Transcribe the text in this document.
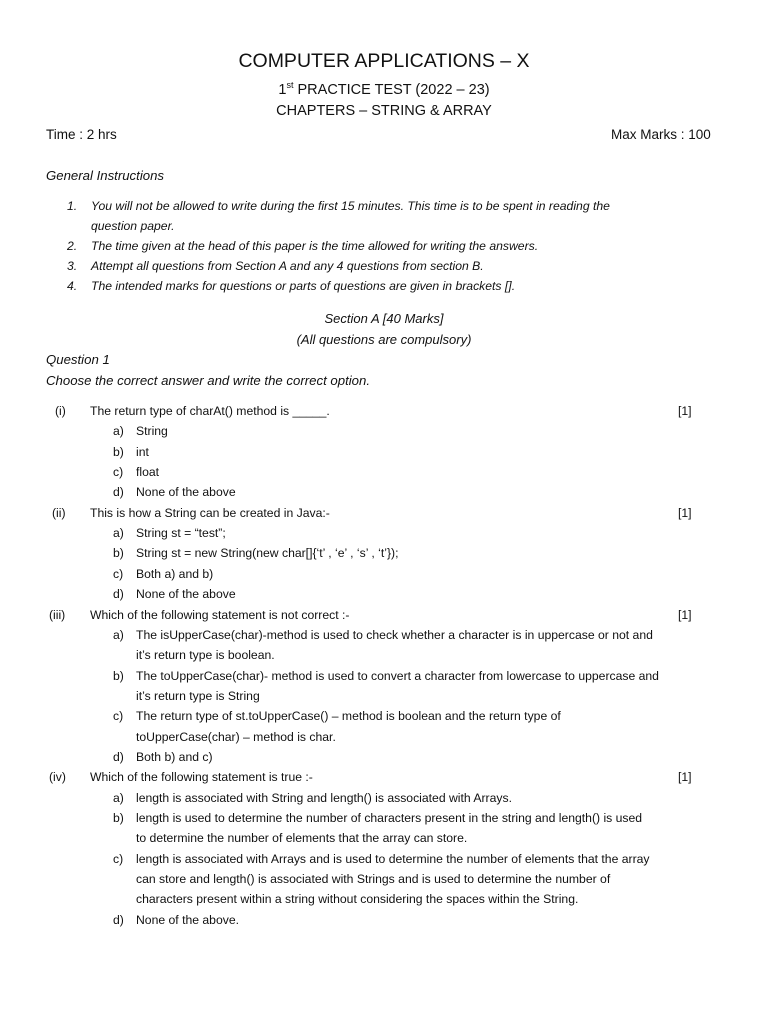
COMPUTER APPLICATIONS – X
1st PRACTICE TEST (2022 – 23)
CHAPTERS – STRING & ARRAY
Time : 2 hrs	Max Marks : 100
General Instructions
1. You will not be allowed to write during the first 15 minutes. This time is to be spent in reading the
question paper.
2. The time given at the head of this paper is the time allowed for writing the answers.
3. Attempt all questions from Section A and any 4 questions from section B.
4. The intended marks for questions or parts of questions are given in brackets [].
Section A [40 Marks]
(All questions are compulsory)
Question 1
Choose the correct answer and write the correct option.
(i) The return type of charAt() method is _____.	[1]
a) String
b) int
c) float
d) None of the above
(ii) This is how a String can be created in Java:-	[1]
a) String st = “test”;
b) String st = new String(new char[]{‘t’ , ‘e’ , ‘s’ , ‘t’});
c) Both a) and b)
d) None of the above
(iii) Which of the following statement is not correct :-	[1]
a) The isUpperCase(char)-method is used to check whether a character is in uppercase or not and
it’s return type is boolean.
b) The toUpperCase(char)- method is used to convert a character from lowercase to uppercase and
it’s return type is String
c) The return type of st.toUpperCase() – method is boolean and the return type of
toUpperCase(char) – method is char.
d) Both b) and c)
(iv) Which of the following statement is true :-	[1]
a) length is associated with String and length() is associated with Arrays.
b) length is used to determine the number of characters present in the string and length() is used
to determine the number of elements that the array can store.
c) length is associated with Arrays and is used to determine the number of elements that the array
can store and length() is associated with Strings and is used to determine the number of
characters present within a string without considering the spaces within the String.
d) None of the above.
